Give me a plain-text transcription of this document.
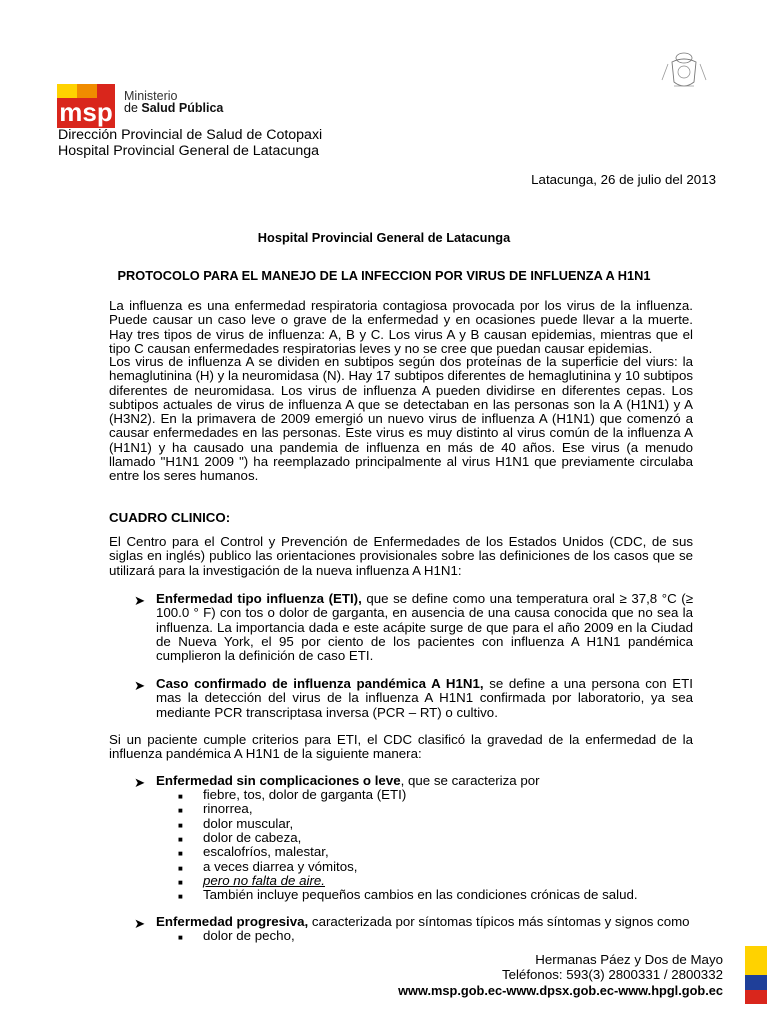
msp
Ministerio
de Salud Pública
Dirección Provincial de Salud de Cotopaxi
Hospital Provincial General de Latacunga
Latacunga, 26 de julio del 2013
Hospital Provincial General de Latacunga
PROTOCOLO PARA EL MANEJO DE LA INFECCION POR VIRUS DE INFLUENZA A H1N1
La influenza es una enfermedad respiratoria contagiosa provocada por los virus de la influenza. Puede causar un caso leve o grave de la enfermedad y en ocasiones puede llevar a la muerte. Hay tres tipos de virus de influenza: A, B y C. Los virus A y B causan epidemias, mientras que el tipo C causan enfermedades respiratorias leves y no se cree que puedan causar epidemias.
Los virus de influenza A se dividen en subtipos según dos proteínas de la superficie del viurs: la hemaglutinina (H) y la neuromidasa (N). Hay 17 subtipos diferentes de hemaglutinina y 10 subtipos diferentes de neuromidasa. Los virus de influenza A pueden dividirse en diferentes cepas. Los subtipos actuales de virus de influenza A que se detectaban en las personas son la A (H1N1) y A (H3N2). En la primavera de 2009 emergió un nuevo virus de influenza A (H1N1) que comenzó a causar enfermedades en las personas. Este virus es muy distinto al virus común de la influenza A (H1N1) y ha causado una pandemia de influenza en más de 40 años. Ese virus (a menudo llamado "H1N1 2009 ") ha reemplazado principalmente al virus H1N1 que previamente circulaba entre los seres humanos.
CUADRO CLINICO:
El Centro para el Control y Prevención de Enfermedades de los Estados Unidos (CDC, de sus siglas en inglés) publico las orientaciones provisionales sobre las definiciones de los casos que se utilizará para la investigación de la nueva influenza A H1N1:
➤ Enfermedad tipo influenza (ETI), que se define como una temperatura oral ≥ 37,8 °C (≥ 100.0 ° F) con tos o dolor de garganta, en ausencia de una causa conocida que no sea la influenza. La importancia dada e este acápite surge de que para el año 2009 en la Ciudad de Nueva York, el 95 por ciento de los pacientes con influenza A H1N1 pandémica cumplieron la definición de caso ETI.
➤ Caso confirmado de influenza pandémica A H1N1, se define a una persona con ETI mas la detección del virus de la influenza A H1N1 confirmada por laboratorio, ya sea mediante PCR transcriptasa inversa (PCR – RT) o cultivo.
Si un paciente cumple criterios para ETI, el CDC clasificó la gravedad de la enfermedad de la influenza pandémica A H1N1 de la siguiente manera:
➤ Enfermedad sin complicaciones o leve, que se caracteriza por
■ fiebre, tos, dolor de garganta (ETI)
■ rinorrea,
■ dolor muscular,
■ dolor de cabeza,
■ escalofríos, malestar,
■ a veces diarrea y vómitos,
■ pero no falta de aire.
■ También incluye pequeños cambios en las condiciones crónicas de salud.
➤ Enfermedad progresiva, caracterizada por síntomas típicos más síntomas y signos como
■ dolor de pecho,
Hermanas Páez y Dos de Mayo
Teléfonos: 593(3) 2800331 / 2800332
www.msp.gob.ec-www.dpsx.gob.ec-www.hpgl.gob.ec
